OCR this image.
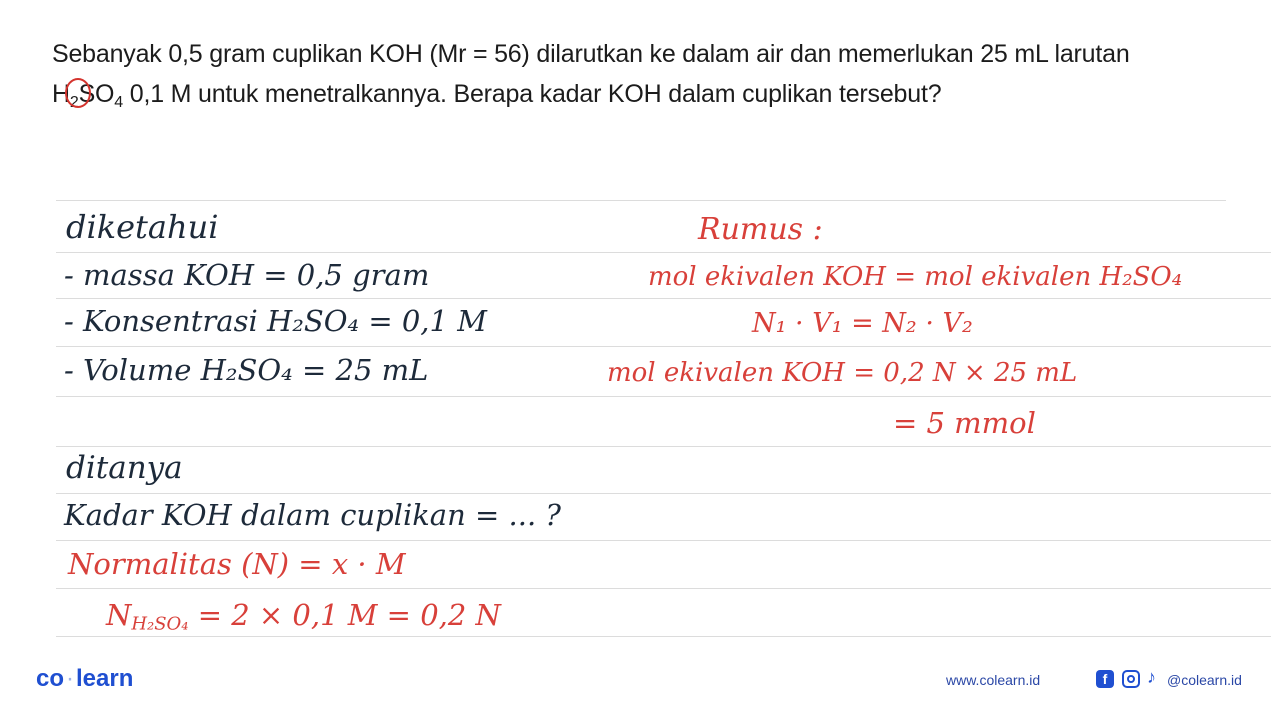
Sebanyak 0,5 gram cuplikan KOH (Mr = 56) dilarutkan ke dalam air dan memerlukan 25 mL larutan
$H_2SO_4$ 0,1 M untuk menetralkannya. Berapa kadar KOH dalam cuplikan tersebut?
diketahui
- massa KOH = 0,5 gram
- Konsentrasi H₂SO₄ = 0,1 M
- Volume H₂SO₄ = 25 mL
ditanya
Kadar KOH dalam cuplikan = ... ?
Normalitas (N) = x · M
$N_{H_2SO_4} = 2 \times 0,1$ M = 0,2 N
Rumus :
mol ekivalen KOH = mol ekivalen H₂SO₄
N₁ · V₁ = N₂ · V₂
mol ekivalen KOH = 0,2 N × 25 mL
= 5 mmol
co·learn	www.colearn.id	f	♪ @colearn.id
